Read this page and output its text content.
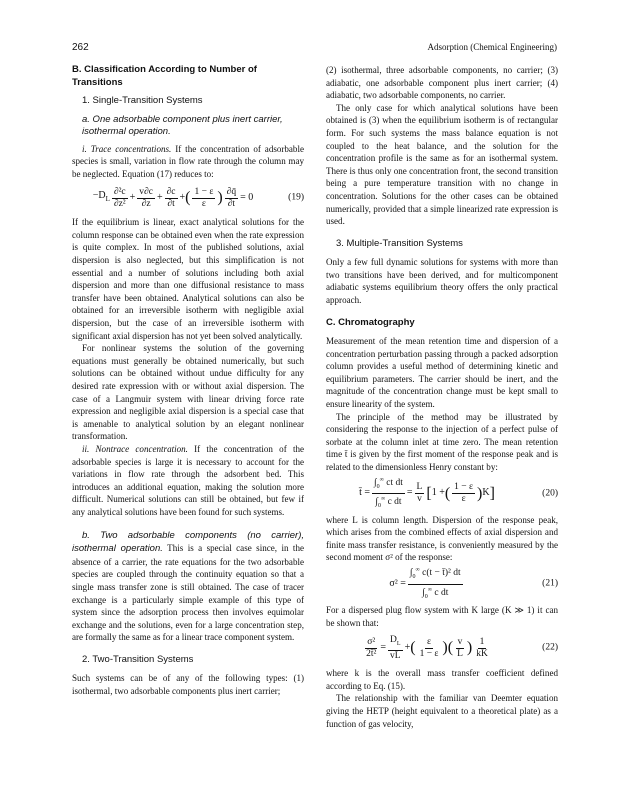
262	Adsorption (Chemical Engineering)

B. Classification According to Number of Transitions

1. Single-Transition Systems

a. One adsorbable component plus inert carrier, isothermal operation.

i. Trace concentrations. If the concentration of adsorbable species is small, variation in flow rate through the column may be neglected. Equation (17) reduces to:

$-D_L \frac{\text{∂²c}}{\text{∂z²}} + \frac{v\partial c}{\partial z} + \frac{\partial c}{\partial t}$ + ( $\frac{1 - \varepsilon}{\varepsilon}$ ) $\frac{\partial q̄}{\partial t} = 0$	(19)

If the equilibrium is linear, exact analytical solutions for the column response can be obtained even when the rate expression is quite complex. In most of the published solutions, axial dispersion is also neglected, but this simplification is not essential and a number of solutions including both axial dispersion and more than one diffusional resistance to mass transfer have been obtained. Analytical solutions can also be obtained for an irreversible isotherm with negligible axial dispersion, but the case of an irreversible isotherm with significant axial dispersion has not yet been solved analytically.

For nonlinear systems the solution of the governing equations must generally be obtained numerically, but such solutions can be obtained without undue difficulty for any desired rate expression with or without axial dispersion. The case of a Langmuir system with linear driving force rate expression and negligible axial dispersion is a special case that is amenable to analytical solution by an elegant nonlinear transformation.

ii. Nontrace concentration. If the concentration of the adsorbable species is large it is necessary to account for the variations in flow rate through the adsorbent bed. This introduces an additional equation, making the solution more difficult. Numerical solutions can still be obtained, but few if any analytical solutions have been found for such systems.

b. Two adsorbable components (no carrier), isothermal operation. This is a special case since, in the absence of a carrier, the rate equations for the two adsorbable species are coupled through the continuity equation so that a single mass transfer zone is still obtained. The case of tracer exchange is a particularly simple example of this type of system since the adsorption process then involves equimolar exchange and the solutions, even for a large concentration step, are formally the same as for a linear trace component system.

2. Two-Transition Systems

Such systems can be of any of the following types: (1) isothermal, two adsorbable components plus inert carrier;

(2) isothermal, three adsorbable components, no carrier; (3) adiabatic, one adsorbable component plus inert carrier; (4) adiabatic, two adsorbable components, no carrier.

The only case for which analytical solutions have been obtained is (3) when the equilibrium isotherm is of rectangular form. For such systems the mass balance equation is not coupled to the heat balance, and the solution for the concentration profile is the same as for an isothermal system. There is thus only one concentration front, the second transition being a pure temperature transition with no change in concentration. Solutions for the other cases can be obtained numerically, provided that a simple linearized rate expression is used.

3. Multiple-Transition Systems

Only a few full dynamic solutions for systems with more than two transitions have been derived, and for multicomponent adiabatic systems equilibrium theory offers the only practical approach.

C. Chromatography

Measurement of the mean retention time and dispersion of a concentration perturbation passing through a packed adsorption column provides a useful method of determining kinetic and equilibrium parameters. The carrier should be inert, and the magnitude of the concentration change must be kept small to ensure linearity of the system.

The principle of the method may be illustrated by considering the response to the injection of a perfect pulse of sorbate at the column inlet at time zero. The mean retention time t̄ is given by the first moment of the response peak and is related to the dimensionless Henry constant by:

t̄ = $\frac{\int_0^\infty ct dt}{\int_0^\infty c dt} = \frac{L}{v}$ [ 1 + ( $\frac{1 - \varepsilon}{\varepsilon}$ ) K ]	(20)

where L is column length. Dispersion of the response peak, which arises from the combined effects of axial dispersion and finite mass transfer resistance, is conveniently measured by the second moment σ² of the response:

$\sigma^2 = \frac{\int_0^\infty c(t - t̄)^2 dt}{\int_0^\infty c dt}$	(21)

For a dispersed plug flow system with K large (K ≫ 1) it can be shown that:

$\frac{\text{σ²}}{\text{2t̄²}} = \frac{D_L}{vL}$ + ( $\frac{\varepsilon}{1 - \varepsilon}$ ) ( $\frac{v}{L}$ ) $\frac{1}{kK}$	(22)

where k is the overall mass transfer coefficient defined according to Eq. (15).

The relationship with the familiar van Deemter equation giving the HETP (height equivalent to a theoretical plate) as a function of gas velocity,
